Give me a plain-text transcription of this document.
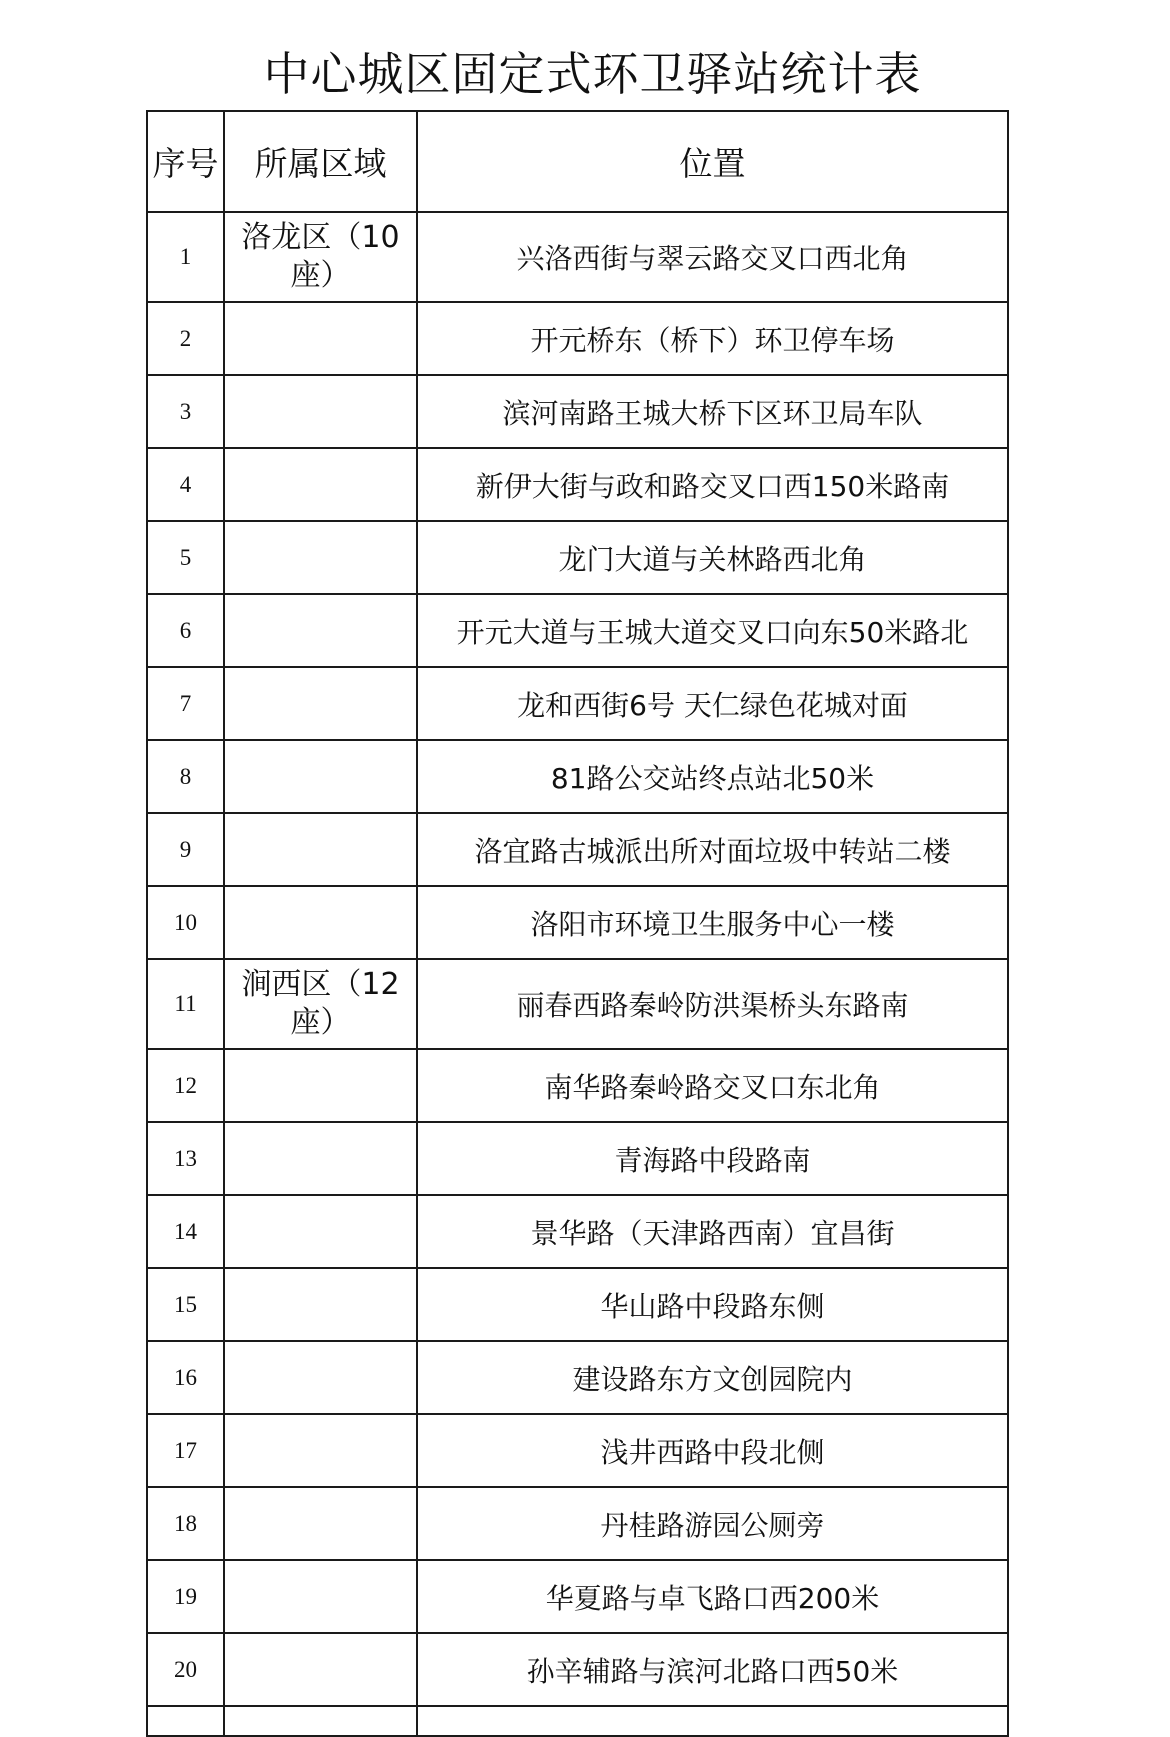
中心城区固定式环卫驿站统计表
序号	所属区域	位置
1	洛龙区（10座）	兴洛西街与翠云路交叉口西北角
2		开元桥东（桥下）环卫停车场
3		滨河南路王城大桥下区环卫局车队
4		新伊大街与政和路交叉口西150米路南
5		龙门大道与关林路西北角
6		开元大道与王城大道交叉口向东50米路北
7		龙和西街6号 天仁绿色花城对面
8		81路公交站终点站北50米
9		洛宜路古城派出所对面垃圾中转站二楼
10		洛阳市环境卫生服务中心一楼
11	涧西区（12座）	丽春西路秦岭防洪渠桥头东路南
12		南华路秦岭路交叉口东北角
13		青海路中段路南
14		景华路（天津路西南）宜昌街
15		华山路中段路东侧
16		建设路东方文创园院内
17		浅井西路中段北侧
18		丹桂路游园公厕旁
19		华夏路与卓飞路口西200米
20		孙辛辅路与滨河北路口西50米
